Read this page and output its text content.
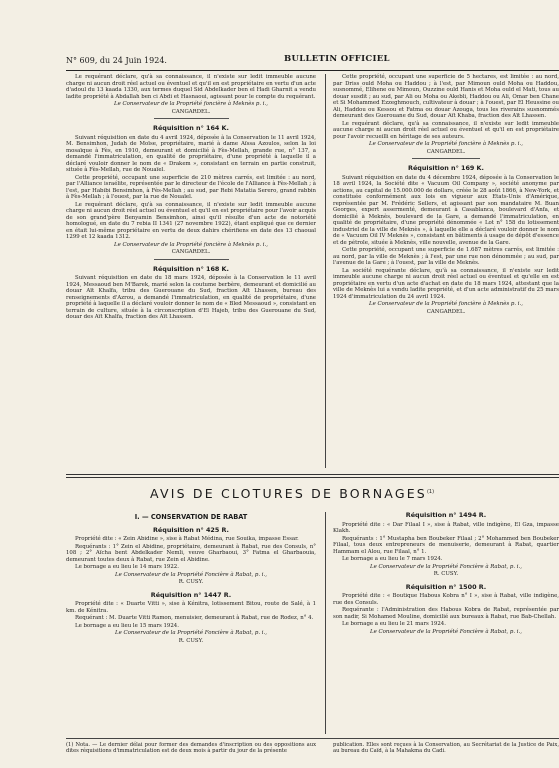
N° 609, du 24 Juin 1924.	BULLETIN OFFICIEL

Le requérant déclare, qu'à sa connaissance, il n'existe sur ledit immeuble aucune charge ni aucun droit réel actuel ou éventuel et qu'il en est propriétaire en vertu d'un acte d'adoul du 13 kaada 1330, aux termes duquel Sid Abdelkader ben el Hadi Gharnit a vendu ladite propriété à Abdallah ben ci Abdi et Hasnaoui, agissant pour le compte du requérant.

Le Conservateur de la Propriété foncière à Meknès p. i.,

CANGARDEL.

Réquisition n° 164 K.

Suivant réquisition en date du 4 avril 1924, déposée à la Conservation le 11 avril 1924, M. Bensimhon, Judah de Moïse, propriétaire, marié à dame Aïssa Azoulos, selon la loi mosaïque à Fès, en 1910, demeurant et domicilié à Fès-Mellah, grande rue, n° 137, a demandé l'immatriculation, en qualité de propriétaire, d'une propriété à laquelle il a déclaré vouloir donner le nom de « Drakem », consistant en terrain en partie construit, située à Fès-Mellah, rue de Nouaïel.

Cette propriété, occupant une superficie de 210 mètres carrés, est limitée : au nord, par l'Alliance israélite, représentée par le directeur de l'école de l'Alliance à Fès-Mellah ; à l'est, par Habibi Bensimhon, à Fès-Mellah ; au sud, par Rebi Matatia Serero, grand rabbin à Fès-Mellah ; à l'ouest, par la rue de Nouaïel.

Le requérant déclare, qu'à sa connaissance, il n'existe sur ledit immeuble aucune charge ni aucun droit réel actuel ou éventuel et qu'il en est propriétaire pour l'avoir acquis de son grand'père Benyamin Bensimhon, ainsi qu'il résulte d'un acte de notoriété homologué, en date du 7 rebia II 1341 (27 novembre 1922), étant expliqué que ce dernier en était lui-même propriétaire en vertu de deux dahirs chérifiens en date des 13 chaoual 1299 et 12 kaada 1312.

Le Conservateur de la Propriété foncière à Meknès p. i.,

CANGARDEL.

Réquisition n° 168 K.

Suivant réquisition en date du 18 mars 1924, déposée à la Conservation le 11 avril 1924, Messaoud ben M'Barek, marié selon la coutume berbère, demeurant et domicilié au douar Aït Khalfa, tribu des Guerouane du Sud, fraction Aït Lhassen, bureau des renseignements d'Azrou, a demandé l'immatriculation, en qualité de propriétaire, d'une propriété à laquelle il a déclaré vouloir donner le nom de « Bled Messaoud », consistant en terrain de culture, située à la circonscription d'El Hajeb, tribu des Guerouane du Sud, douar des Aït Khalfa, fraction des Aït Lhassen.

Cette propriété, occupant une superficie de 5 hectares, est limitée : au nord, par Driss ould Moha ou Haddou ; à l'est, par Mimoun ould Moha ou Haddou, susnommé, Elihene ou Mimoun, Ouzzine ould Hanis et Moha ould el Mati, tous au douar susdit ; au sud, par Ali ou Moha ou Akebli, Haddou ou Ali, Omar ben Chane et Si Mohammed Ezzeghmouch, cultivateur à douar ; à l'ouest, par El Heussine ou Ali, Haddou ou Kessou et Fatma ou douar Azouga, tous les riverains susnommés demeurant des Guerouane du Sud, douar Aït Khaba, fraction des Aït Lhassen.

Le requérant déclare, qu'à sa connaissance, il n'existe sur ledit immeuble aucune charge ni aucun droit réel actuel ou éventuel et qu'il en est propriétaire pour l'avoir recueilli en héritage de ses auteurs.

Le Conservateur de la Propriété foncière à Meknès p. i.,

CANGARDEL.

Réquisition n° 169 K.

Suivant réquisition en date du 4 décembre 1924, déposée à la Conservation le 18 avril 1924, la Société dite « Vacuum Oil Company », société anonyme par actions, au capital de 15.000.000 de dollars, créée le 28 août 1866, à New-York, et constituée conformément aux lois en vigueur aux Etats-Unis d'Amérique, représentée par M. Frédéric Sellers, et agissant par son mandataire M. Buan Georges, expert assermenté, demeurant à Casablanca, boulevard d'Anfa, et domicilié à Meknès, boulevard de la Gare, a demandé l'immatriculation, en qualité de propriétaire, d'une propriété dénommée « Lot n° 158 du lotissement industriel de la ville de Meknès », à laquelle elle a déclaré vouloir donner le nom de « Vacuum Oil IV Meknès », consistant en bâtiments à usage de dépôt d'essence et de pétrole, située à Meknès, ville nouvelle, avenue de la Gare.

Cette propriété, occupant une superficie de 1.687 mètres carrés, est limitée : au nord, par la ville de Meknès ; à l'est, par une rue non dénommée ; au sud, par l'avenue de la Gare ; à l'ouest, par la ville de Meknès.

La société requérante déclare, qu'à sa connaissance, il n'existe sur ledit immeuble aucune charge ni aucun droit réel actuel ou éventuel et qu'elle en est propriétaire en vertu d'un acte d'achat en date du 18 mars 1924, attestant que la ville de Meknès lui a vendu ladite propriété, et d'un acte administratif du 25 mars 1924 d'immatriculation du 24 avril 1924.

Le Conservateur de la Propriété foncière à Meknès p. i.,

CANGARDEL.

AVIS DE CLOTURES DE BORNAGES$^{(1)}$
I. — CONSERVATION DE RABAT
Réquisition n° 425 R.

Propriété dite : « Zein Abidine », sise à Rabat Médina, rue Souika, impasse Essar.

Requérants : 1° Zein el Abidine, propriétaire, demeurant à Rabat, rue des Consuls, n° 108 ; 2° Aïcha bent Abdelkader Nemli, veuve Gharbaoui, 3° Fatma el Gharbaouia, demeurant toutes deux à Rabat, rue Zein el Abidine.

Le bornage a eu lieu le 14 mars 1922.

Le Conservateur de la Propriété Foncière à Rabat, p. i.,

R. CUSY.

Réquisition n° 1447 R.

Propriété dite : « Duarte Vitti », sise à Kénitra, lotissement Bitou, route de Salé, à 1 km. de Kénitra.

Requérant : M. Duarte Vitti Ramon, menuisier, demeurant à Rabat, rue de Rodez, n° 4.

Le bornage a eu lieu le 15 mars 1924.

Le Conservateur de la Propriété Foncière à Rabat, p. i.,

R. CUSY.

Réquisition n° 1494 R.

Propriété dite : « Dar Filaal I », sise à Rabat, ville indigène, El Gza, impasse Klakh.

Requérants : 1° Mustapha ben Boubeker Filaal ; 2° Mohammed ben Boubeker Filaal, tous deux entrepreneurs de menuiserie, demeurant à Rabat, quartier Hammam el Alou, rue Filaal, n° 1.

Le bornage a eu lieu le 7 mars 1924.

Le Conservateur de la Propriété Foncière à Rabat, p. i.,

R. CUSY.

Réquisition n° 1500 R.

Propriété dite : « Boutique Habous Kobra n° I », sise à Rabat, ville indigène, rue des Consuls.

Requérante : l'Administration des Habous Kobra de Rabat, représentée par son nadir, Si Mohamed Mouline, domicilié aux bureaux à Rabat, rue Bab-Chellah.

Le bornage a eu lieu le 21 mars 1924.

Le Conservateur de la Propriété Foncière à Rabat, p. i.,

(1) Nota. — Le dernier délai pour former des demandes d'inscription ou des oppositions aux dites réquisitions d'immatriculation est de deux mois à partir du jour de la présente
publication. Elles sont reçues à la Conservation, au Secrétariat de la Justice de Paix, au bureau du Caïd, à la Mahakma du Cadi.
